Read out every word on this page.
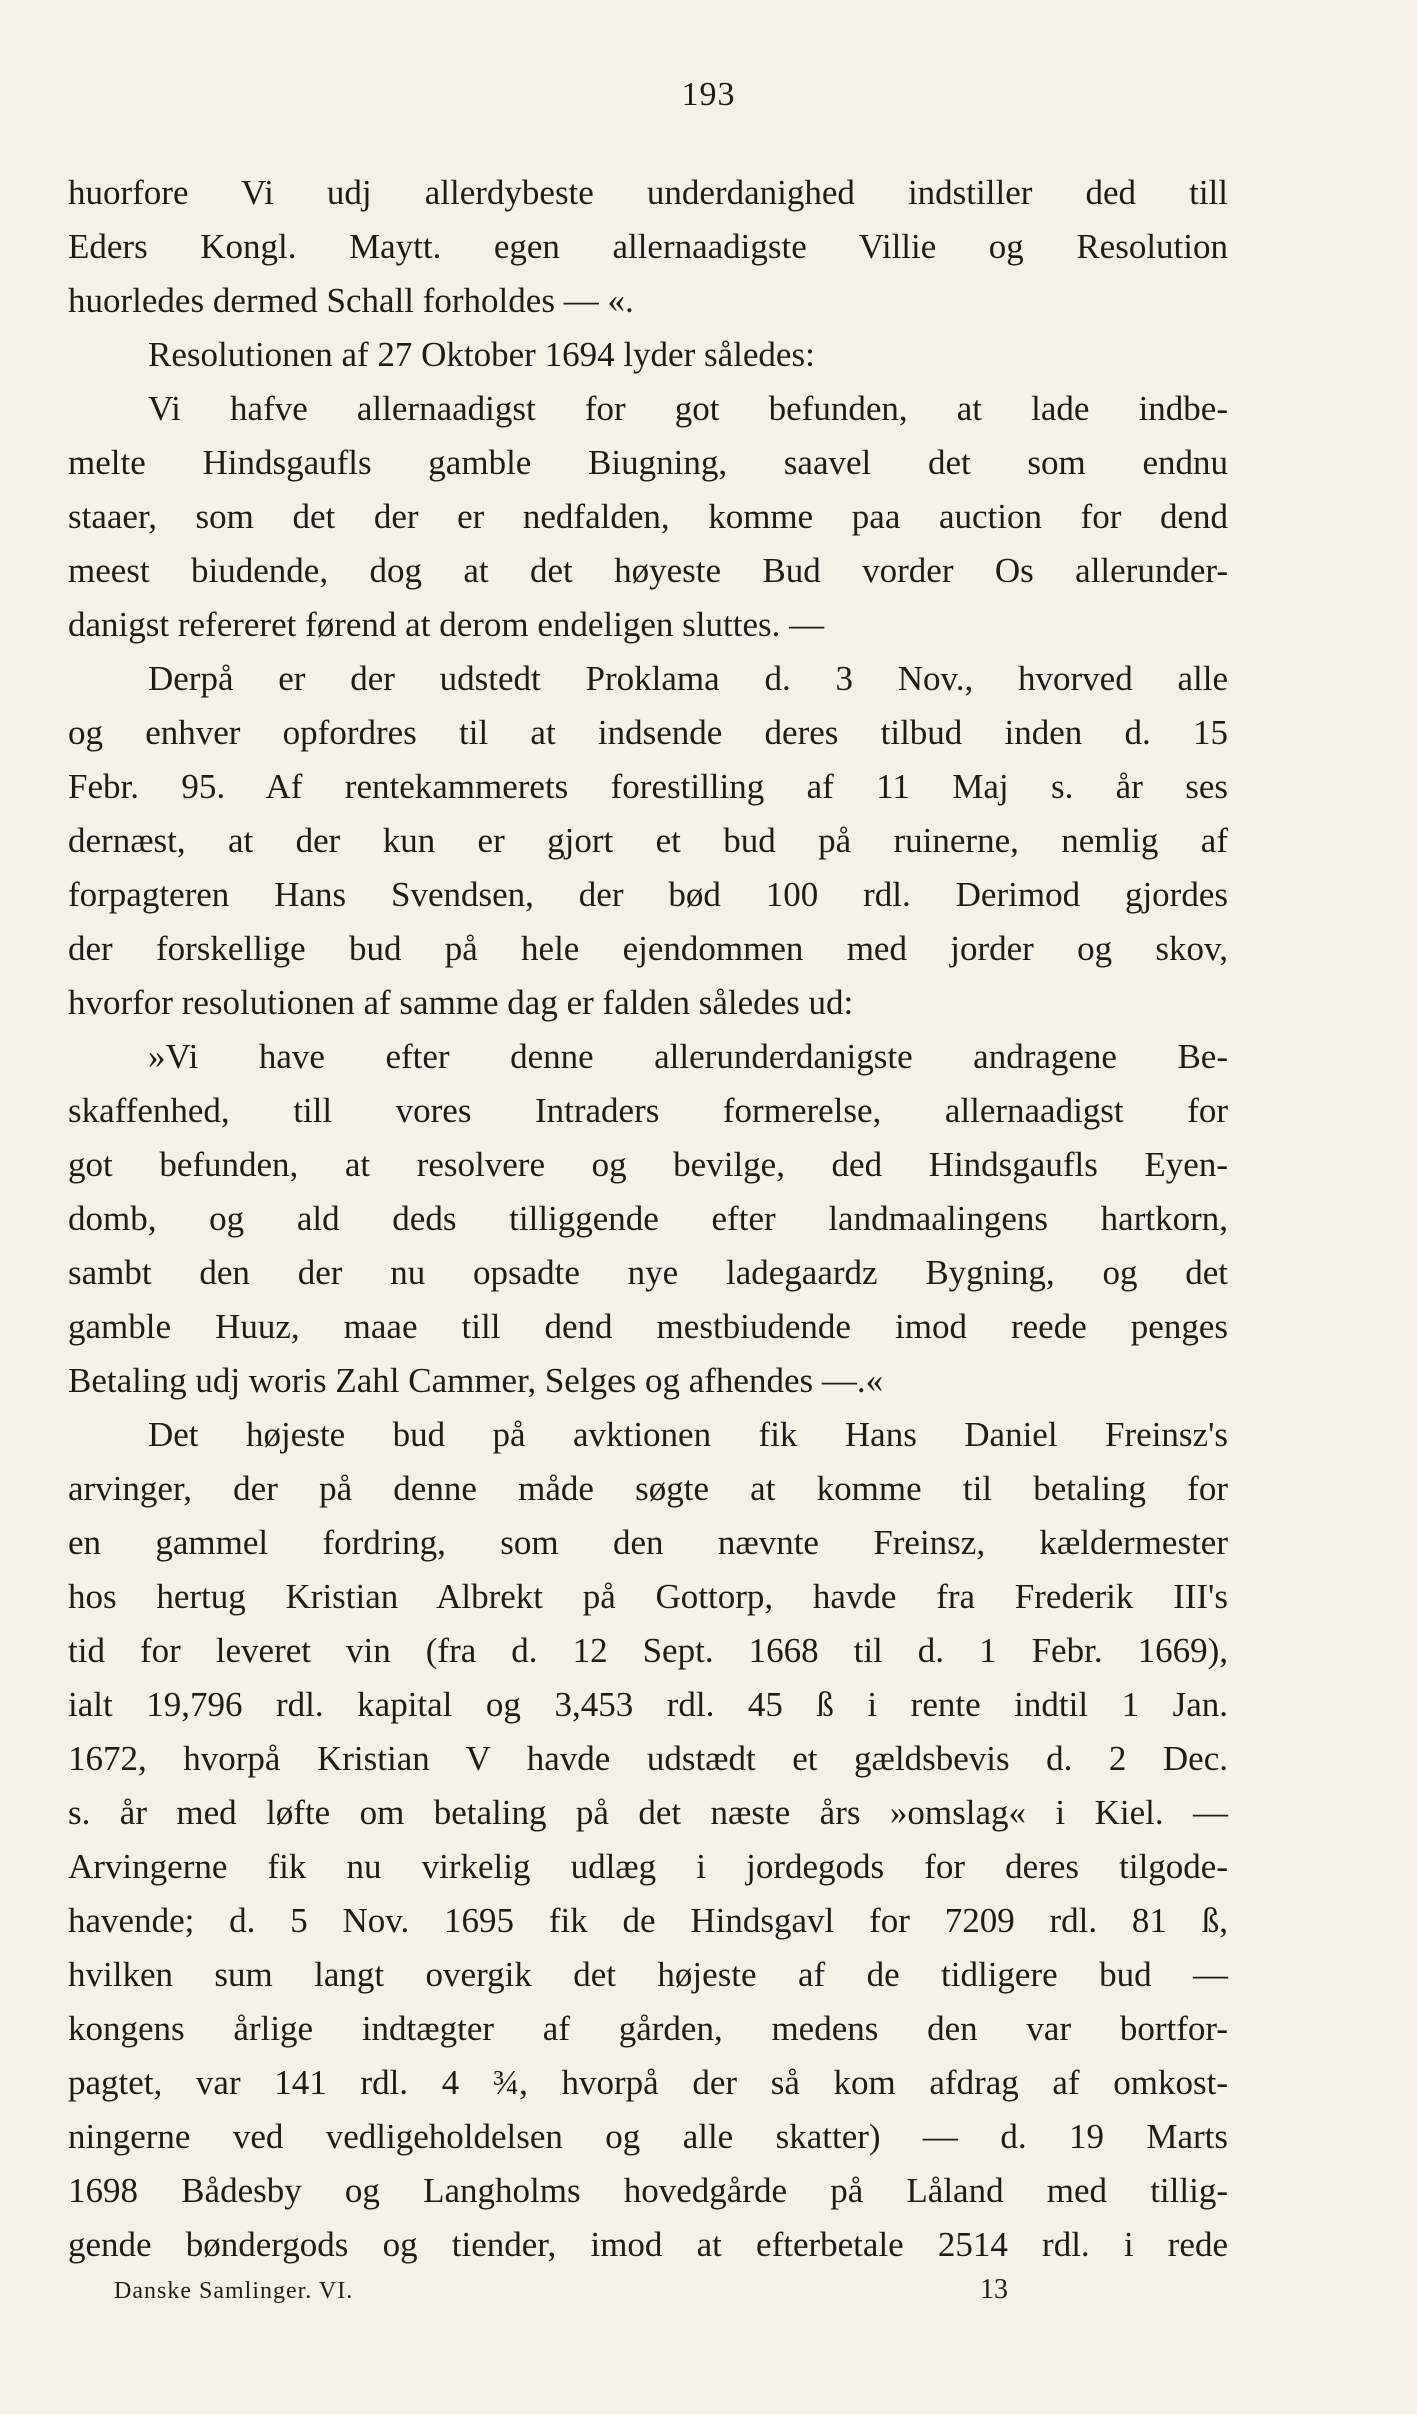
193
huorfore Vi udj allerdybeste underdanighed indstiller ded till
Eders Kongl. Maytt. egen allernaadigste Villie og Resolution
huorledes dermed Schall forholdes — «.
Resolutionen af 27 Oktober 1694 lyder således:
Vi hafve allernaadigst for got befunden, at lade indbe-
melte Hindsgaufls gamble Biugning, saavel det som endnu
staaer, som det der er nedfalden, komme paa auction for dend
meest biudende, dog at det høyeste Bud vorder Os allerunder-
danigst refereret førend at derom endeligen sluttes. —
Derpå er der udstedt Proklama d. 3 Nov., hvorved alle
og enhver opfordres til at indsende deres tilbud inden d. 15
Febr. 95. Af rentekammerets forestilling af 11 Maj s. år ses
dernæst, at der kun er gjort et bud på ruinerne, nemlig af
forpagteren Hans Svendsen, der bød 100 rdl. Derimod gjordes
der forskellige bud på hele ejendommen med jorder og skov,
hvorfor resolutionen af samme dag er falden således ud:
»Vi have efter denne allerunderdanigste andragene Be-
skaffenhed, till vores Intraders formerelse, allernaadigst for
got befunden, at resolvere og bevilge, ded Hindsgaufls Eyen-
domb, og ald deds tilliggende efter landmaalingens hartkorn,
sambt den der nu opsadte nye ladegaardz Bygning, og det
gamble Huuz, maae till dend mestbiudende imod reede penges
Betaling udj woris Zahl Cammer, Selges og afhendes —.«
Det højeste bud på avktionen fik Hans Daniel Freinsz's
arvinger, der på denne måde søgte at komme til betaling for
en gammel fordring, som den nævnte Freinsz, kældermester
hos hertug Kristian Albrekt på Gottorp, havde fra Frederik III's
tid for leveret vin (fra d. 12 Sept. 1668 til d. 1 Febr. 1669),
ialt 19,796 rdl. kapital og 3,453 rdl. 45 ß i rente indtil 1 Jan.
1672, hvorpå Kristian V havde udstædt et gældsbevis d. 2 Dec.
s. år med løfte om betaling på det næste års »omslag« i Kiel. —
Arvingerne fik nu virkelig udlæg i jordegods for deres tilgode-
havende; d. 5 Nov. 1695 fik de Hindsgavl for 7209 rdl. 81 ß,
hvilken sum langt overgik det højeste af de tidligere bud —
kongens årlige indtægter af gården, medens den var bortfor-
pagtet, var 141 rdl. 4 ¾, hvorpå der så kom afdrag af omkost-
ningerne ved vedligeholdelsen og alle skatter) — d. 19 Marts
1698 Bådesby og Langholms hovedgårde på Låland med tillig-
gende bøndergods og tiender, imod at efterbetale 2514 rdl. i rede
Danske Samlinger. VI.	13
